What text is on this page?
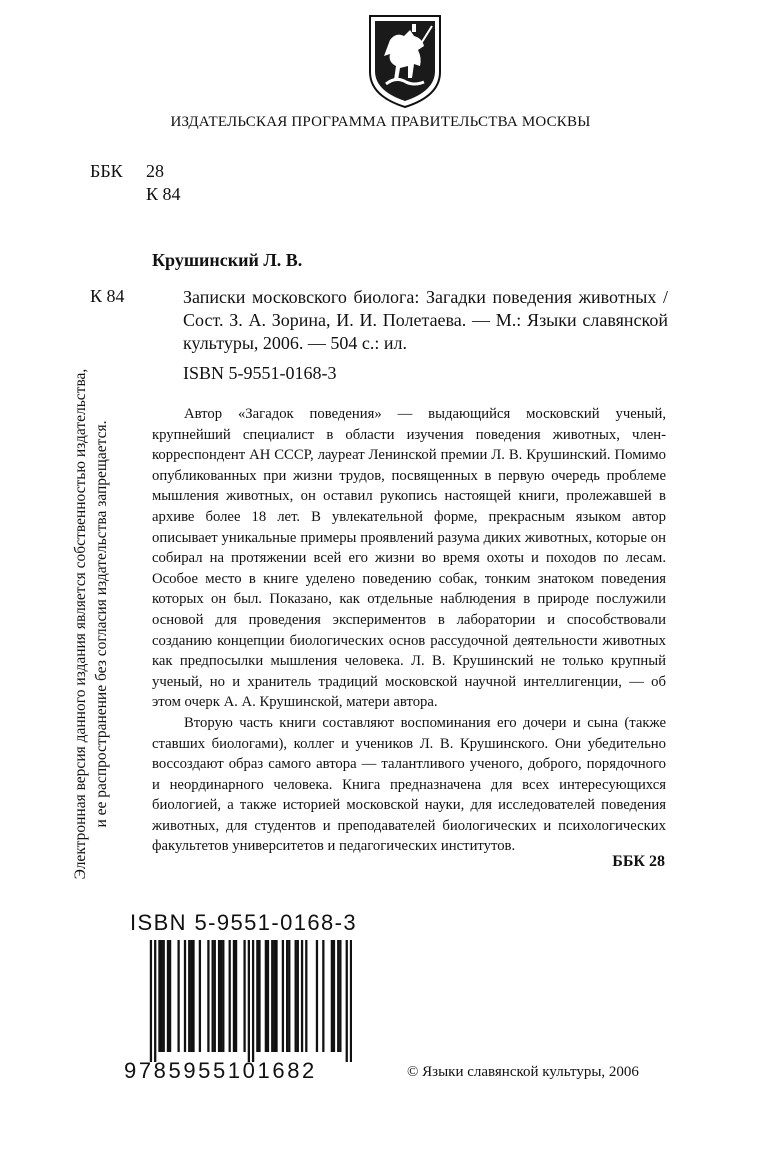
ИЗДАТЕЛЬСКАЯ ПРОГРАММА ПРАВИТЕЛЬСТВА МОСКВЫ
ББК 28
К 84
Крушинский Л. В.
К 84	Записки московского биолога: Загадки поведения животных / Сост. З. А. Зорина, И. И. Полетаева. — М.: Языки славянской культуры, 2006. — 504 с.: ил.
ISBN 5-9551-0168-3

Автор «Загадок поведения» — выдающийся московский ученый, крупнейший специалист в области изучения поведения животных, член-корреспондент АН СССР, лауреат Ленинской премии Л. В. Крушинский. Помимо опубликованных при жизни трудов, посвященных в первую очередь проблеме мышления животных, он оставил рукопись настоящей книги, пролежавшей в архиве более 18 лет. В увлекательной форме, прекрасным языком автор описывает уникальные примеры проявлений разума диких животных, которые он собирал на протяжении всей его жизни во время охоты и походов по лесам. Особое место в книге уделено поведению собак, тонким знатоком поведения которых он был. Показано, как отдельные наблюдения в природе послужили основой для проведения экспериментов в лаборатории и способствовали созданию концепции биологических основ рассудочной деятельности животных как предпосылки мышления человека. Л. В. Крушинский не только крупный ученый, но и хранитель традиций московской научной интеллигенции, — об этом очерк А. А. Крушинской, матери автора.

Вторую часть книги составляют воспоминания его дочери и сына (также ставших биологами), коллег и учеников Л. В. Крушинского. Они убедительно воссоздают образ самого автора — талантливого ученого, доброго, порядочного и неординарного человека. Книга предназначена для всех интересующихся биологией, а также историей московской науки, для исследователей поведения животных, для студентов и преподавателей биологических и психологических факультетов университетов и педагогических институтов.

ББК 28
Электронная версия данного издания является собственностью издательства, и ее распространение без согласия издательства запрещается.
ISBN 5-9551-0168-3
9785955101682	© Языки славянской культуры, 2006
